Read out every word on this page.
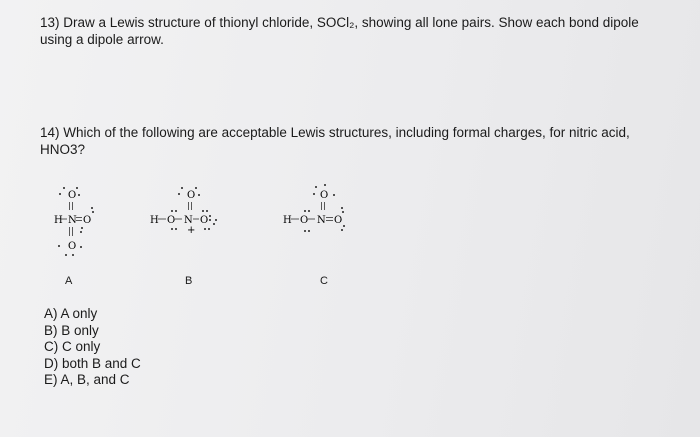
13) Draw a Lewis structure of thionyl chloride, SOCl₂, showing all lone pairs. Show each bond dipole
using a dipole arrow.
14) Which of the following are acceptable Lewis structures, including formal charges, for nitric acid,
HNO3?
O
H N O
O
A
O
H O N O
+
B
O
H O N O
C
A) A only
B) B only
C) C only
D) both B and C
E) A, B, and C
